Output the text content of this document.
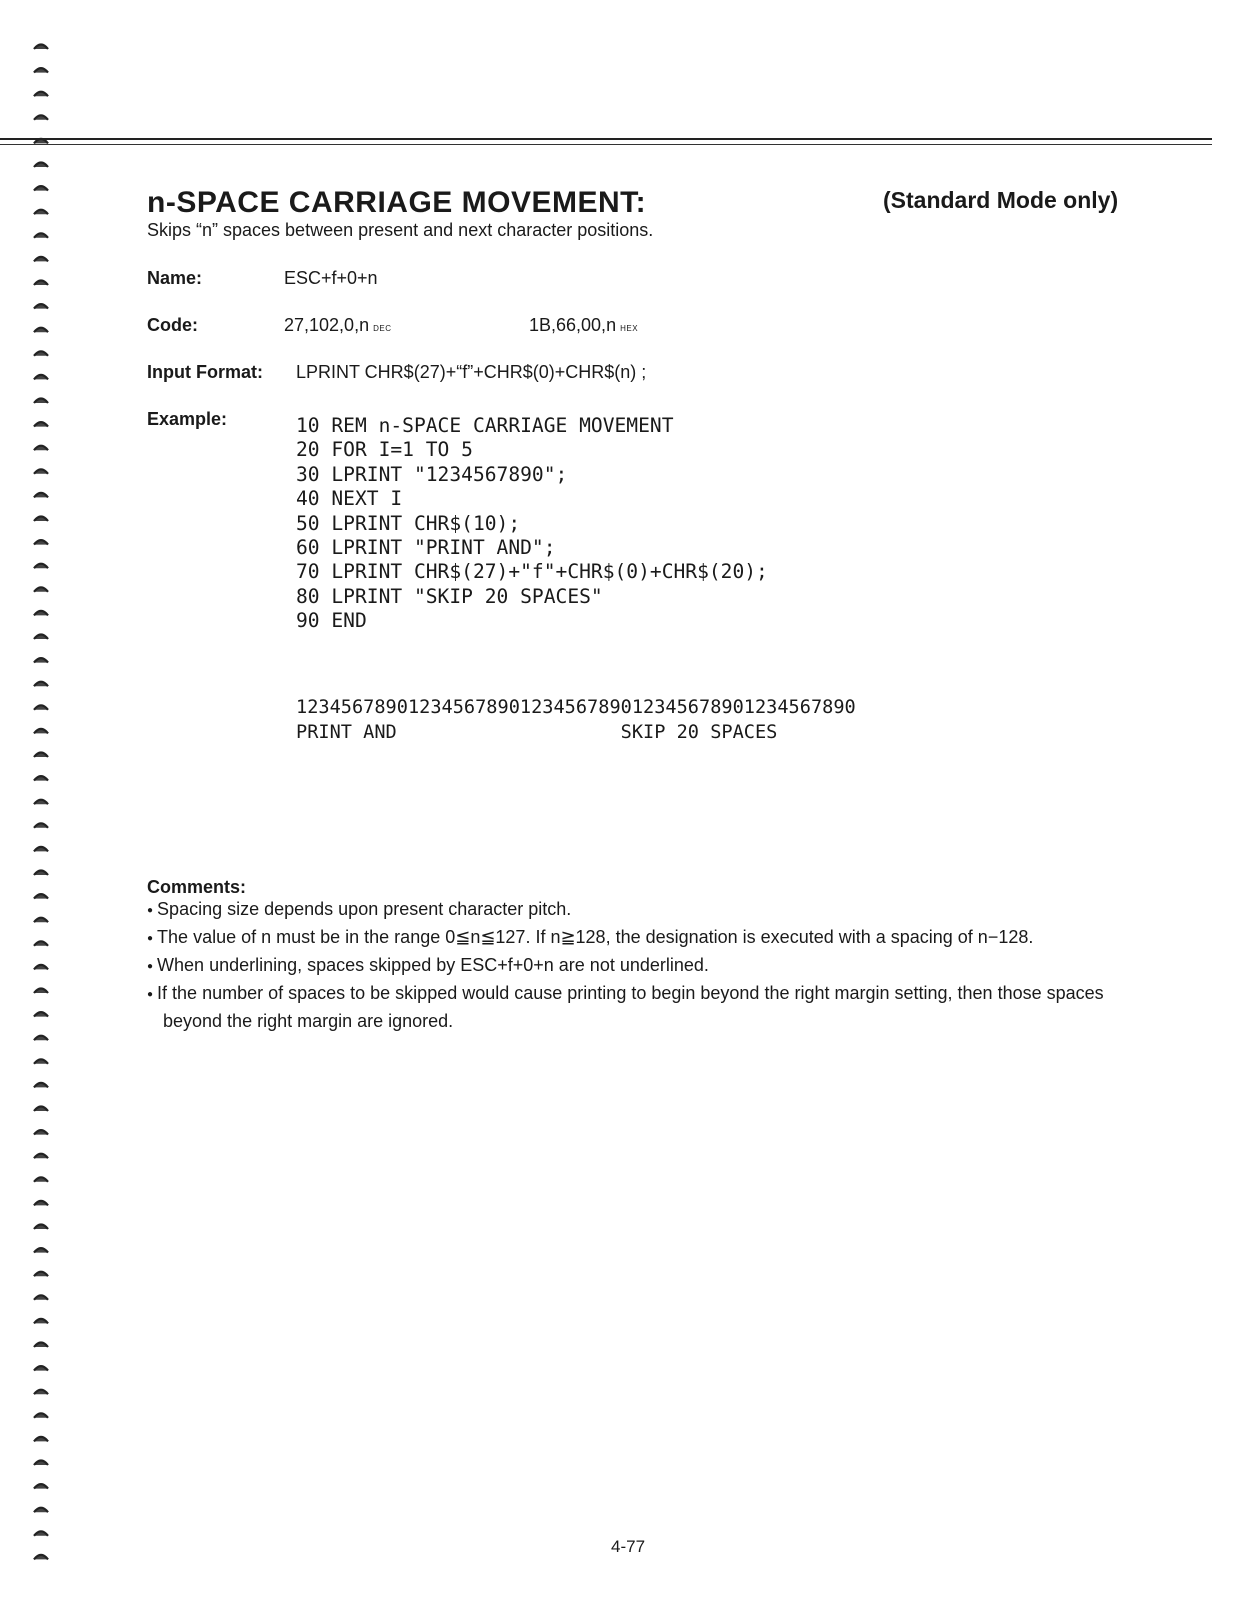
n-SPACE CARRIAGE MOVEMENT:	(Standard Mode only)
Skips “n” spaces between present and next character positions.
Name:	ESC+f+0+n
Code:	27,102,0,n DEC	1B,66,00,n HEX
Input Format: LPRINT CHR$(27)+“f”+CHR$(0)+CHR$(n) ;
Example:	10 REM n-SPACE CARRIAGE MOVEMENT
20 FOR I=1 TO 5
30 LPRINT "1234567890";
40 NEXT I
50 LPRINT CHR$(10);
60 LPRINT "PRINT AND";
70 LPRINT CHR$(27)+"f"+CHR$(0)+CHR$(20);
80 LPRINT "SKIP 20 SPACES"
90 END
12345678901234567890123456789012345678901234567890
PRINT AND                    SKIP 20 SPACES
Comments:
● Spacing size depends upon present character pitch.
● The value of n must be in the range 0≦n≦127. If n≧128, the designation is executed with a spacing of n−128.
● When underlining, spaces skipped by ESC+f+0+n are not underlined.
● If the number of spaces to be skipped would cause printing to begin beyond the right margin setting, then those spaces beyond the right margin are ignored.
4-77
